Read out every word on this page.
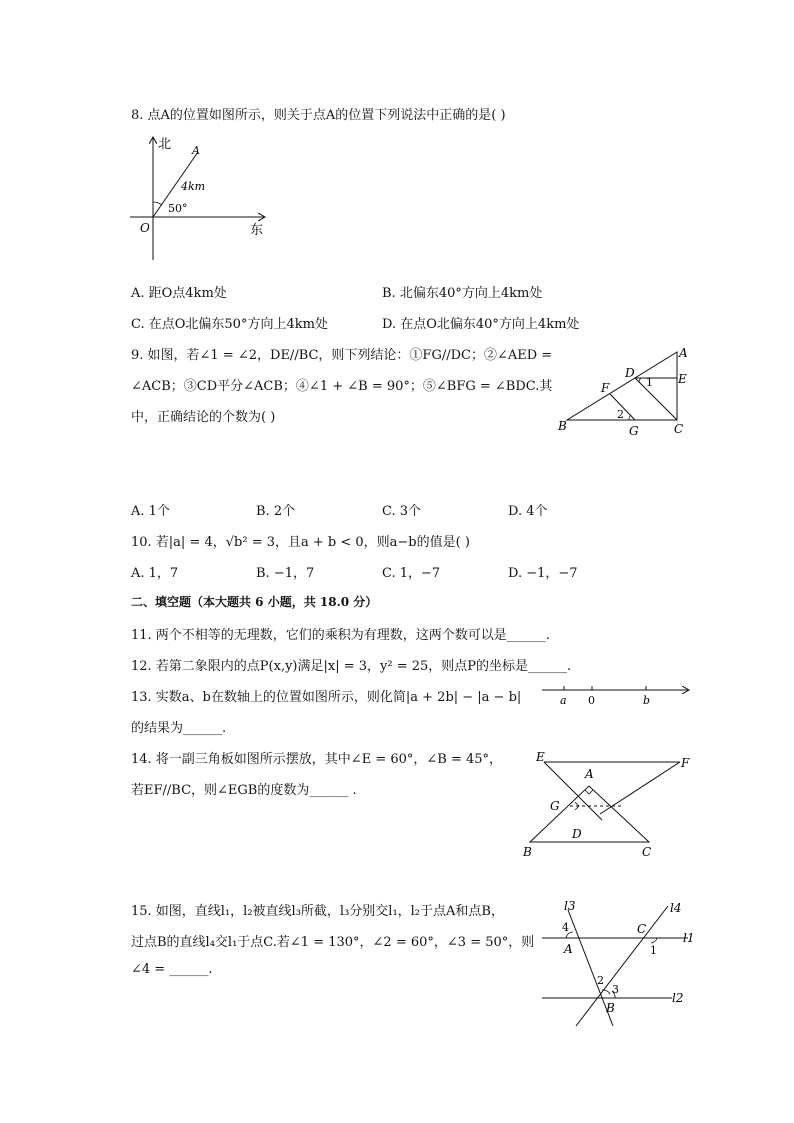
8. 点A的位置如图所示，则关于点A的位置下列说法中正确的是( )
北
东
O
A
4km
50°
A. 距O点4km处	B. 北偏东40°方向上4km处
C. 在点O北偏东50°方向上4km处	D. 在点O北偏东40°方向上4km处
9. 如图，若∠1 = ∠2，DE//BC，则下列结论：①FG//DC；②∠AED =
∠ACB；③CD平分∠ACB；④∠1 + ∠B = 90°；⑤∠BFG = ∠BDC.其
中，正确结论的个数为( )
A
B	C
D	E
F
G
1
2
A. 1个	B. 2个	C. 3个	D. 4个
10. 若|a| = 4，√b² = 3，且a + b < 0，则a−b的值是( )
A. 1，7	B. −1，7	C. 1，−7	D. −1，−7
二、填空题（本大题共 6 小题，共 18.0 分）
11. 两个不相等的无理数，它们的乘积为有理数，这两个数可以是______.
12. 若第二象限内的点P(x,y)满足|x| = 3，y² = 25，则点P的坐标是______.
13. 实数a、b在数轴上的位置如图所示，则化简|a + 2b| − |a − b|
的结果为______.
a 0	b
14. 将一副三角板如图所示摆放，其中∠E = 60°，∠B = 45°，
若EF//BC，则∠EGB的度数为______ .
E	F
A
G
D
B	C
15. 如图，直线l₁，l₂被直线l₃所截，l₃分别交l₁，l₂于点A和点B，
过点B的直线l₄交l₁于点C.若∠1 = 130°，∠2 = 60°，∠3 = 50°，则
∠4 = ______.
l3	l4
l1
l2
A
B
C
1
2
3
4
